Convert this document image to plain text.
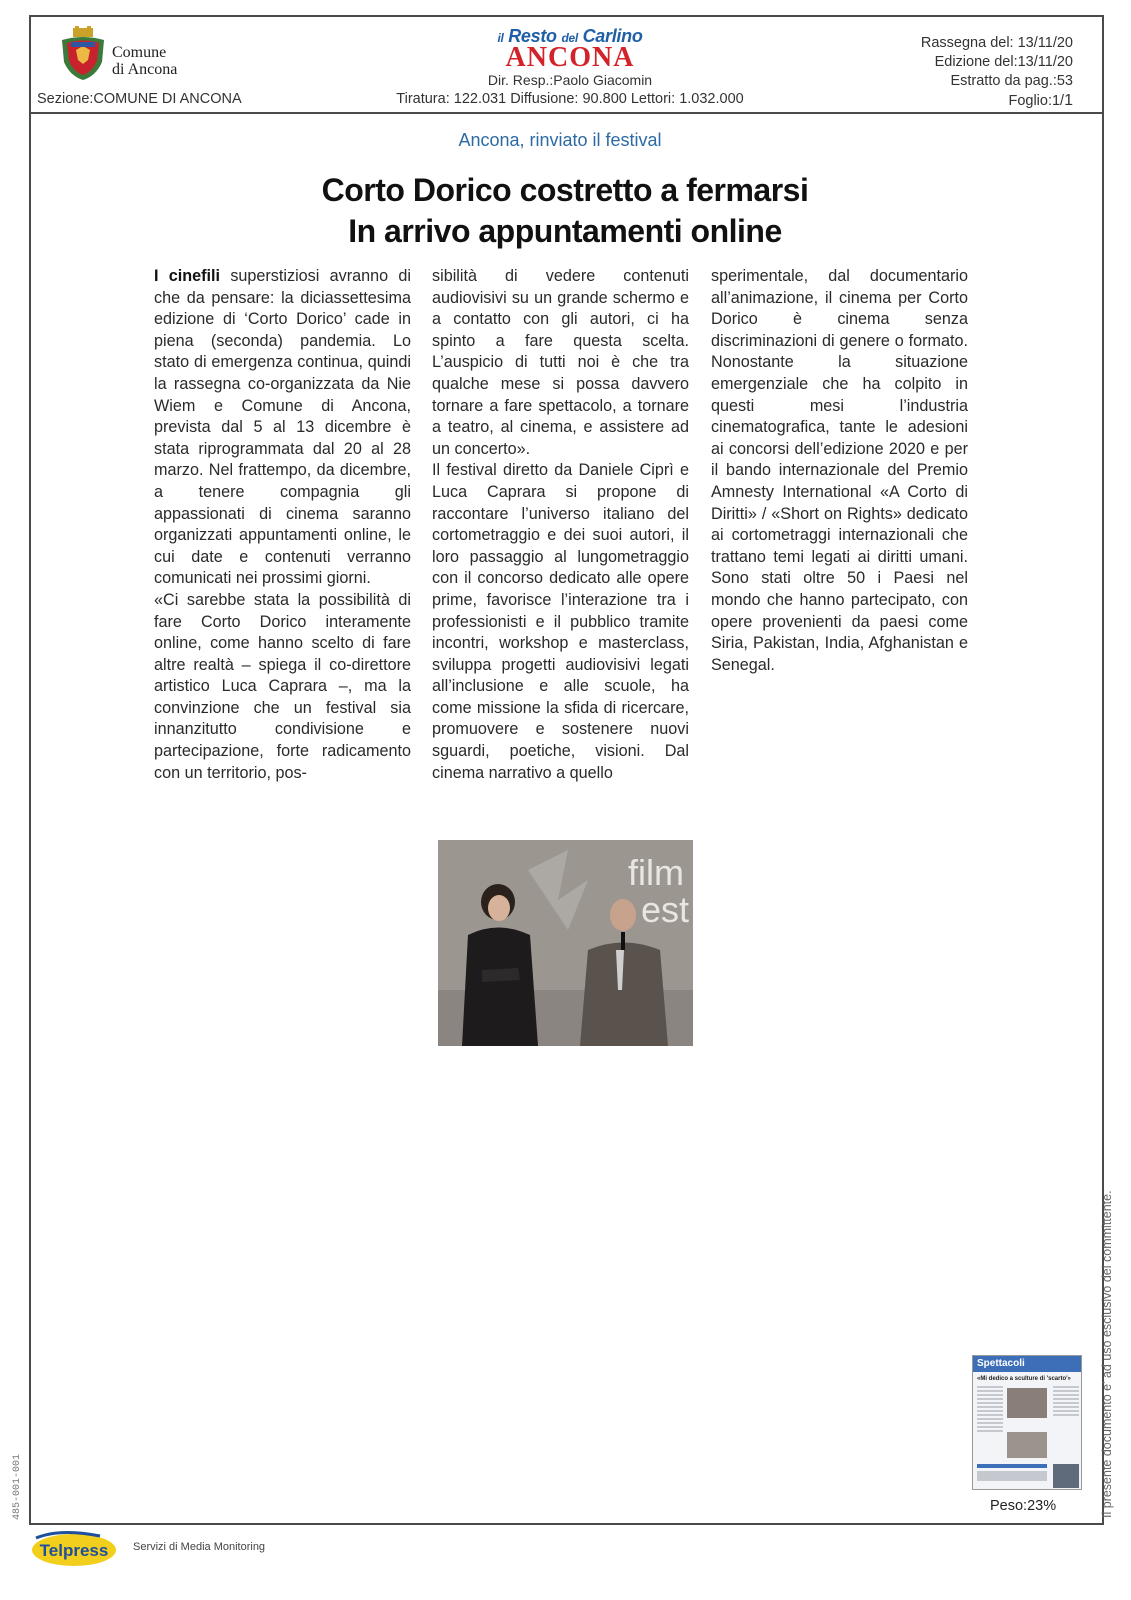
Comune
di Ancona
Sezione:COMUNE DI ANCONA
il Resto del Carlino
ANCONA
Dir. Resp.:Paolo Giacomin
Tiratura: 122.031 Diffusione: 90.800 Lettori: 1.032.000
Rassegna del: 13/11/20
Edizione del:13/11/20
Estratto da pag.:53
Foglio:1/1
Ancona, rinviato il festival
Corto Dorico costretto a fermarsi
In arrivo appuntamenti online

I cinefili superstiziosi avranno di che da pensare: la diciassettesima edizione di ‘Corto Dorico’ cade in piena (seconda) pandemia. Lo stato di emergenza continua, quindi la rassegna co-organizzata da Nie Wiem e Comune di Ancona, prevista dal 5 al 13 dicembre è stata riprogrammata dal 20 al 28 marzo. Nel frattempo, da dicembre, a tenere compagnia gli appassionati di cinema saranno organizzati appuntamenti online, le cui date e contenuti verranno comunicati nei prossimi giorni.

«Ci sarebbe stata la possibilità di fare Corto Dorico interamente online, come hanno scelto di fare altre realtà – spiega il co-direttore artistico Luca Caprara –, ma la convinzione che un festival sia innanzitutto condivisione e partecipazione, forte radicamento con un territorio, pos-

sibilità di vedere contenuti audiovisivi su un grande schermo e a contatto con gli autori, ci ha spinto a fare questa scelta. L’auspicio di tutti noi è che tra qualche mese si possa davvero tornare a fare spettacolo, a tornare a teatro, al cinema, e assistere ad un concerto».

Il festival diretto da Daniele Ciprì e Luca Caprara si propone di raccontare l’universo italiano del cortometraggio e dei suoi autori, il loro passaggio al lungometraggio con il concorso dedicato alle opere prime, favorisce l’interazione tra i professionisti e il pubblico tramite incontri, workshop e masterclass, sviluppa progetti audiovisivi legati all’inclusione e alle scuole, ha come missione la sfida di ricercare, promuovere e sostenere nuovi sguardi, poetiche, visioni. Dal cinema narrativo a quello

sperimentale, dal documentario all’animazione, il cinema per Corto Dorico è cinema senza discriminazioni di genere o formato. Nonostante la situazione emergenziale che ha colpito in questi mesi l’industria cinematografica, tante le adesioni ai concorsi dell’edizione 2020 e per il bando internazionale del Premio Amnesty International «A Corto di Diritti» / «Short on Rights» dedicato ai cortometraggi internazionali che trattano temi legati ai diritti umani. Sono stati oltre 50 i Paesi nel mondo che hanno partecipato, con opere provenienti da paesi come Siria, Pakistan, India, Afghanistan e Senegal.

film
est
Spettacoli
«Mi dedico a sculture di 'scarto'»
Peso:23%	Il presente documento e' ad uso esclusivo del committente.
485-001-001
Telpress Servizi di Media Monitoring
